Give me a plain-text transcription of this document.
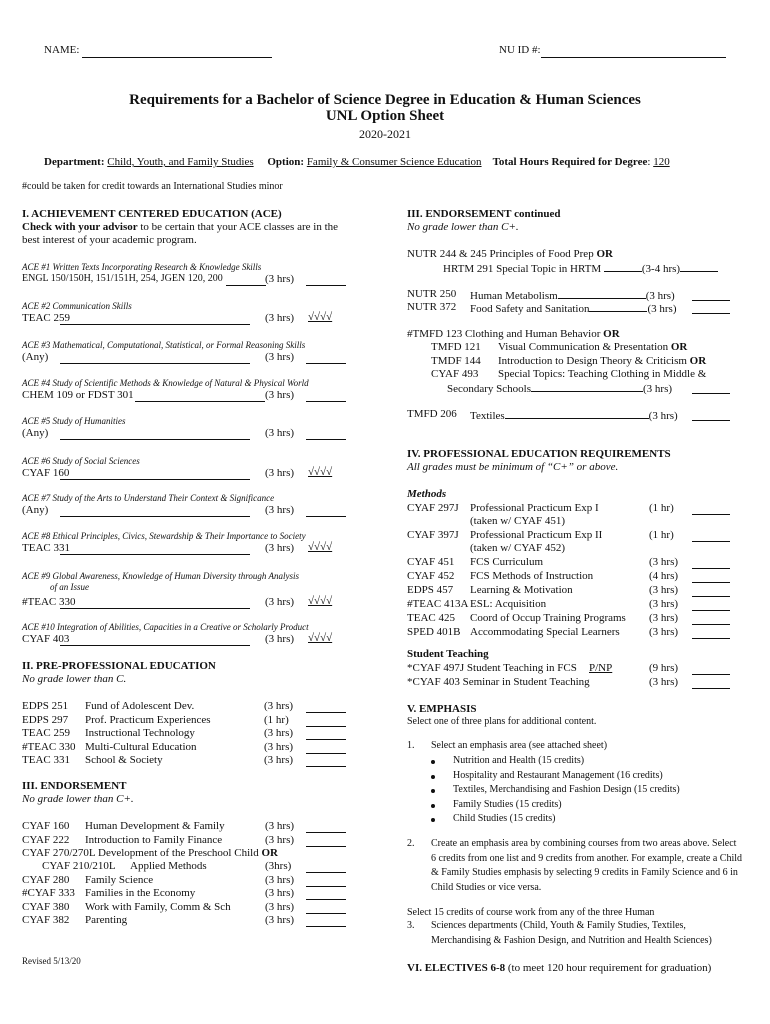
NAME:	NU ID #:
Requirements for a Bachelor of Science Degree in Education & Human Sciences
UNL Option Sheet
2020-2021
Department: Child, Youth, and Family Studies Option: Family & Consumer Science Education Total Hours Required for Degree: 120
#could be taken for credit towards an International Studies minor
I. ACHIEVEMENT CENTERED EDUCATION (ACE)
Check with your advisor to be certain that your ACE classes are in the
best interest of your academic program.
ACE #1 Written Texts Incorporating Research & Knowledge Skills
ENGL 150/150H, 151/151H, 254, JGEN 120, 200	(3 hrs)
ACE #2 Communication Skills
TEAC 259	(3 hrs) √√√√
ACE #3 Mathematical, Computational, Statistical, or Formal Reasoning Skills
(Any)	(3 hrs)
ACE #4 Study of Scientific Methods & Knowledge of Natural & Physical World
CHEM 109 or FDST 301	(3 hrs)
ACE #5 Study of Humanities
(Any)	(3 hrs)
ACE #6 Study of Social Sciences
CYAF 160	(3 hrs) √√√√
ACE #7 Study of the Arts to Understand Their Context & Significance
(Any)	(3 hrs)
ACE #8 Ethical Principles, Civics, Stewardship & Their Importance to Society
TEAC 331	(3 hrs) √√√√
ACE #9 Global Awareness, Knowledge of Human Diversity through Analysis
of an Issue
#TEAC 330	(3 hrs) √√√√
ACE #10 Integration of Abilities, Capacities in a Creative or Scholarly Product
CYAF 403	(3 hrs) √√√√
II. PRE-PROFESSIONAL EDUCATION
No grade lower than C.
EDPS 251 Fund of Adolescent Dev.	(3 hrs)
EDPS 297 Prof. Practicum Experiences	(1 hr)
TEAC 259 Instructional Technology	(3 hrs)
#TEAC 330 Multi-Cultural Education	(3 hrs)
TEAC 331 School & Society	(3 hrs)
III. ENDORSEMENT
No grade lower than C+.
CYAF 160 Human Development & Family	(3 hrs)
CYAF 222 Introduction to Family Finance	(3 hrs)
CYAF 270/270L Development of the Preschool Child OR
CYAF 210/210L Applied Methods	(3hrs)
CYAF 280 Family Science	(3 hrs)
#CYAF 333 Families in the Economy	(3 hrs)
CYAF 380 Work with Family, Comm & Sch	(3 hrs)
CYAF 382 Parenting	(3 hrs)
Revised 5/13/20
III. ENDORSEMENT continued
No grade lower than C+.
NUTR 244 & 245 Principles of Food Prep OR
HRTM 291 Special Topic in HRTM	(3-4 hrs)
NUTR 250 Human Metabolism	(3 hrs)
NUTR 372 Food Safety and Sanitation	(3 hrs)
#TMFD 123 Clothing and Human Behavior OR
TMFD 121 Visual Communication & Presentation OR
TMDF 144 Introduction to Design Theory & Criticism OR
CYAF 493 Special Topics: Teaching Clothing in Middle &
Secondary Schools	(3 hrs)
TMFD 206 Textiles	(3 hrs)
IV. PROFESSIONAL EDUCATION REQUIREMENTS
All grades must be minimum of “C+” or above.
Methods
CYAF 297J Professional Practicum Exp I	(1 hr)
(taken w/ CYAF 451)
CYAF 397J Professional Practicum Exp II	(1 hr)
(taken w/ CYAF 452)
CYAF 451 FCS Curriculum	(3 hrs)
CYAF 452 FCS Methods of Instruction	(4 hrs)
EDPS 457 Learning & Motivation	(3 hrs)
#TEAC 413A ESL: Acquisition	(3 hrs)
TEAC 425 Coord of Occup Training Programs (3 hrs)
SPED 401B Accommodating Special Learners	(3 hrs)
Student Teaching
*CYAF 497J Student Teaching in FCS P/NP	(9 hrs)
*CYAF 403 Seminar in Student Teaching	(3 hrs)
V. EMPHASIS
Select one of three plans for additional content.
1. Select an emphasis area (see attached sheet)
Nutrition and Health (15 credits)
Hospitality and Restaurant Management (16 credits)
Textiles, Merchandising and Fashion Design (15 credits)
Family Studies (15 credits)
Child Studies (15 credits)
2. Create an emphasis area by combining courses from two areas above. Select
6 credits from one list and 9 credits from another. For example, create a Child
& Family Studies emphasis by selecting 9 credits in Family Science and 6 in
Child Studies or vice versa.
Select 15 credits of course work from any of the three Human
3. Sciences departments (Child, Youth & Family Studies, Textiles,
Merchandising & Fashion Design, and Nutrition and Health Sciences)
VI. ELECTIVES 6-8 (to meet 120 hour requirement for graduation)
